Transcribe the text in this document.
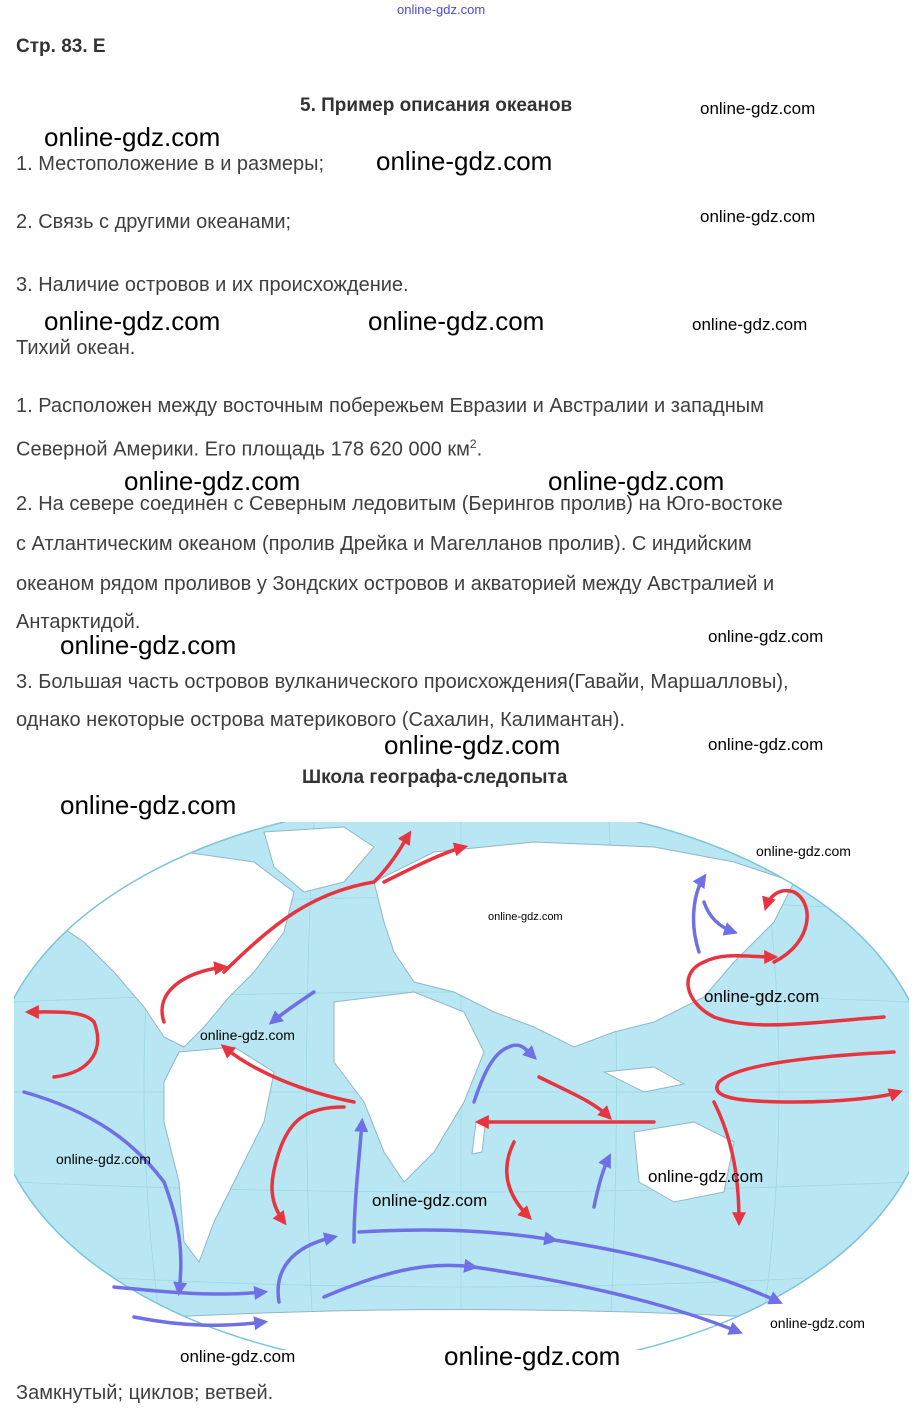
online-gdz.com
Стр. 83. Е
5. Пример описания океанов	online-gdz.com
online-gdz.com
1. Местоположение в и размеры; online-gdz.com
2. Связь с другими океанами;	online-gdz.com
3. Наличие островов и их происхождение.
online-gdz.com	online-gdz.com	online-gdz.com
Тихий океан.
1. Расположен между восточным побережьем Евразии и Австралии и западным
Северной Америки. Его площадь 178 620 000 $км^2$.
online-gdz.com	online-gdz.com
2. На севере соединен с Северным ледовитым (Берингов пролив) на Юго-востоке
с Атлантическим океаном (пролив Дрейка и Магелланов пролив). С индийским
океаном рядом проливов у Зондских островов и акваторией между Австралией и
Антарктидой.
online-gdz.com	online-gdz.com
3. Большая часть островов вулканического происхождения(Гавайи, Маршалловы),
однако некоторые острова материкового (Сахалин, Калимантан).
online-gdz.com	online-gdz.com
Школа географа-следопыта
online-gdz.com
online-gdz.com
online-gdz.com
online-gdz.com
online-gdz.com
online-gdz.com
online-gdz.com
online-gdz.com
online-gdz.com
online-gdz.com	online-gdz.com
Замкнутый; циклов; ветвей.
